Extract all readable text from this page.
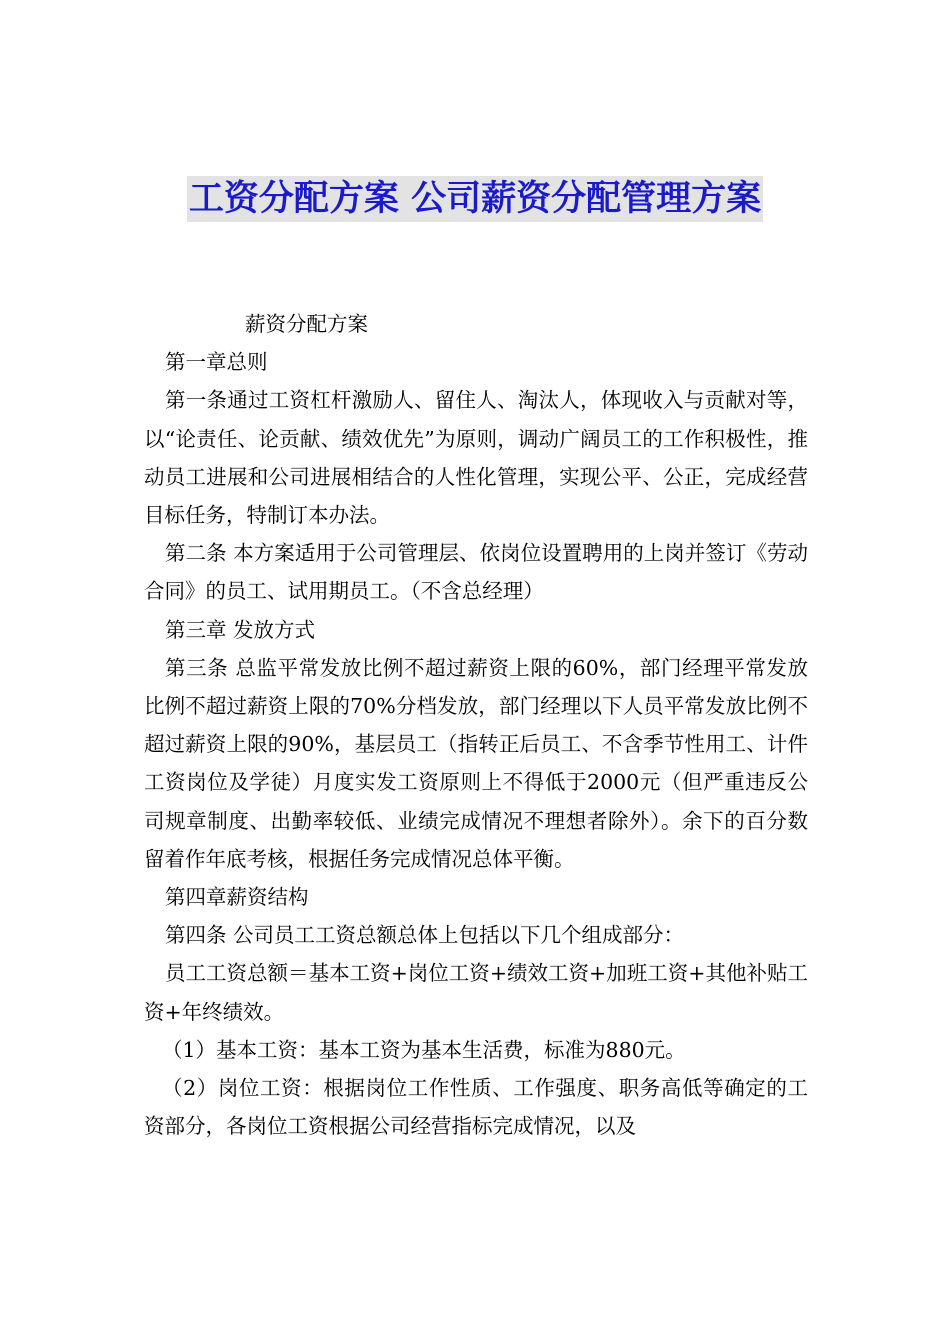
工资分配方案 公司薪资分配管理方案

薪资分配方案

第一章总则

第一条通过工资杠杆激励人、留住人、淘汰人，体现收入与贡献对等，以“论责任、论贡献、绩效优先”为原则，调动广阔员工的工作积极性，推动员工进展和公司进展相结合的人性化管理，实现公平、公正，完成经营目标任务，特制订本办法。

第二条 本方案适用于公司管理层、依岗位设置聘用的上岗并签订《劳动合同》的员工、试用期员工。（不含总经理）

第三章 发放方式

第三条 总监平常发放比例不超过薪资上限的60%，部门经理平常发放比例不超过薪资上限的70%分档发放，部门经理以下人员平常发放比例不超过薪资上限的90%，基层员工（指转正后员工、不含季节性用工、计件工资岗位及学徒）月度实发工资原则上不得低于2000元（但严重违反公司规章制度、出勤率较低、业绩完成情况不理想者除外）。余下的百分数留着作年底考核，根据任务完成情况总体平衡。

第四章薪资结构

第四条 公司员工工资总额总体上包括以下几个组成部分：

员工工资总额＝基本工资+岗位工资+绩效工资+加班工资+其他补贴工资+年终绩效。

（1）基本工资：基本工资为基本生活费，标准为880元。

（2）岗位工资：根据岗位工作性质、工作强度、职务高低等确定的工资部分，各岗位工资根据公司经营指标完成情况，以及
